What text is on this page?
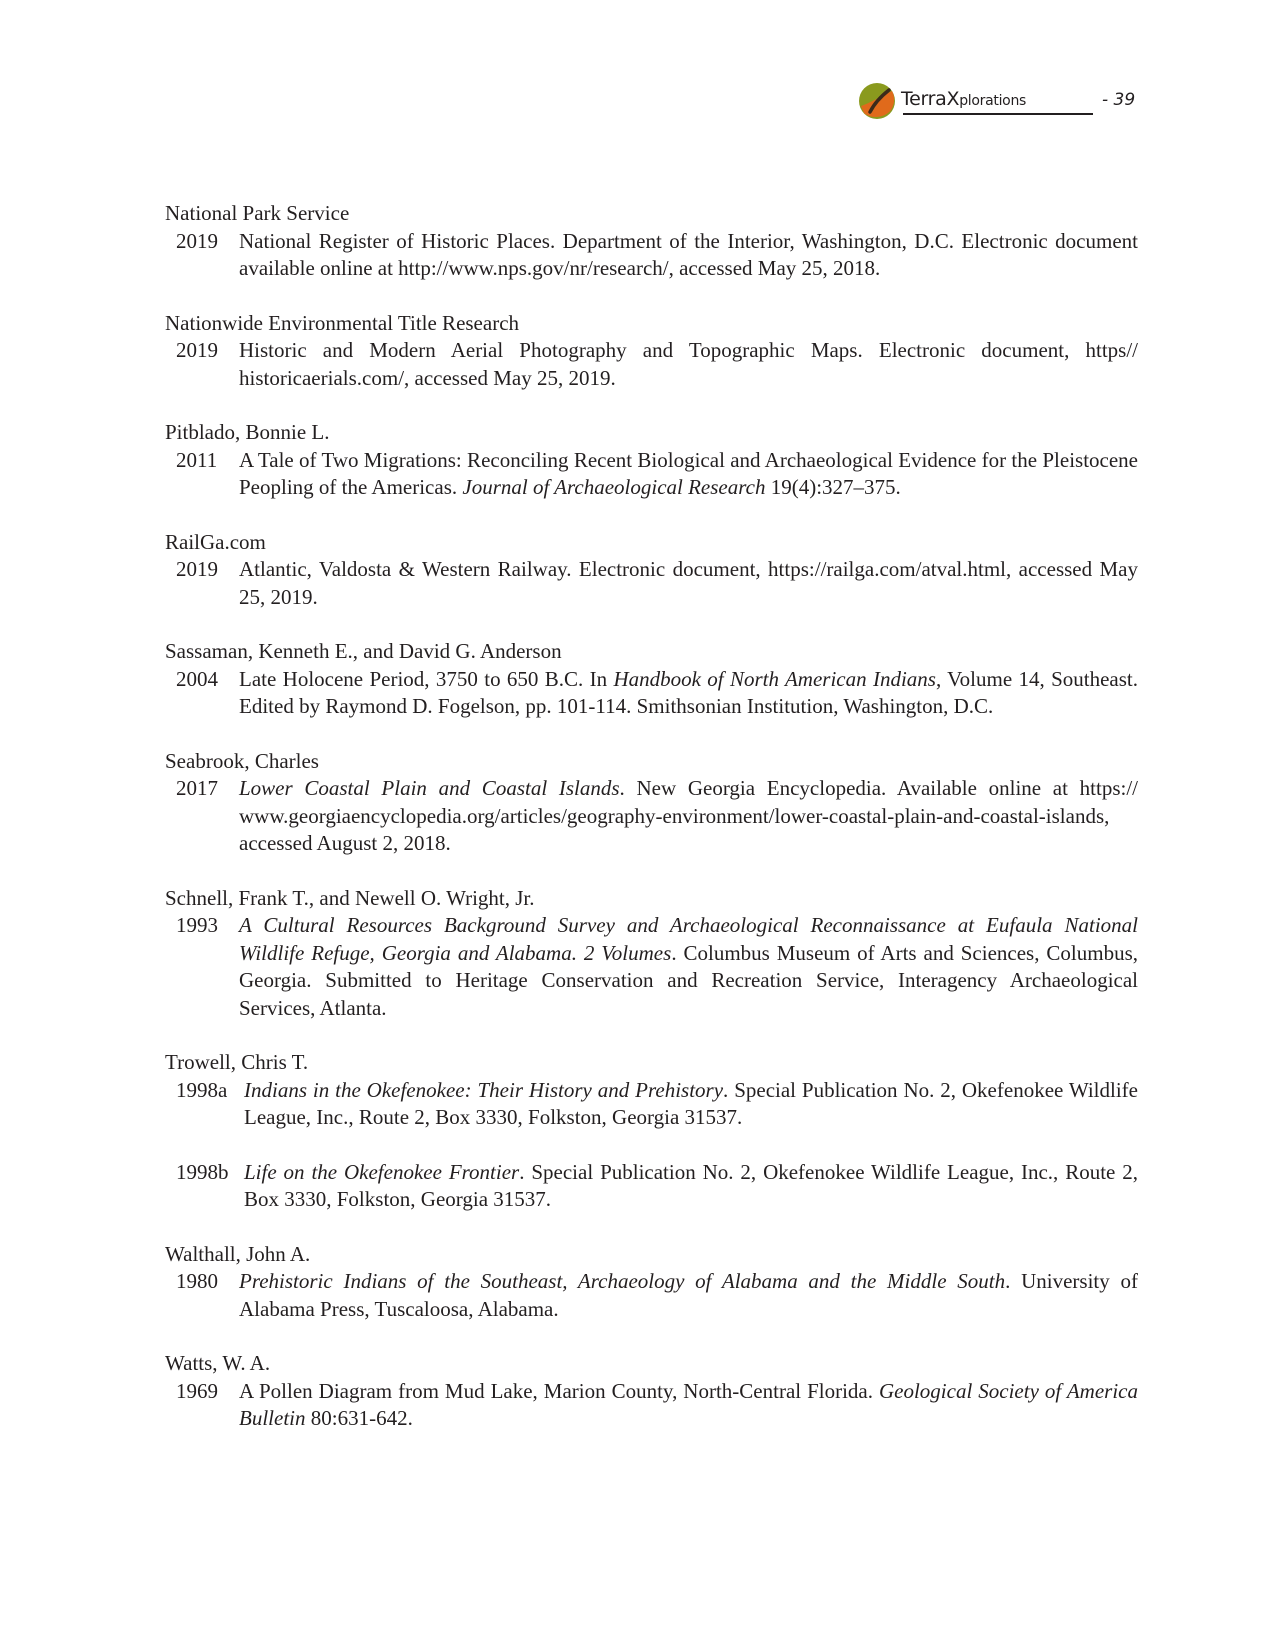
TerraXplorations	- 39

National Park Service

2019	National Register of Historic Places. Department of the Interior, Washington, D.C. Electronic document available online at http://www.nps.gov/nr/research/, accessed May 25, 2018.

Nationwide Environmental Title Research

2019	Historic and Modern Aerial Photography and Topographic Maps. Electronic document, https// historicaerials.com/, accessed May 25, 2019.

Pitblado, Bonnie L.

2011	A Tale of Two Migrations: Reconciling Recent Biological and Archaeological Evidence for the Pleistocene Peopling of the Americas. Journal of Archaeological Research 19(4):327–375.

RailGa.com

2019	Atlantic, Valdosta & Western Railway. Electronic document, https://railga.com/atval.html, accessed May 25, 2019.

Sassaman, Kenneth E., and David G. Anderson

2004	Late Holocene Period, 3750 to 650 B.C. In Handbook of North American Indians, Volume 14, Southeast. Edited by Raymond D. Fogelson, pp. 101-114. Smithsonian Institution, Washington, D.C.

Seabrook, Charles

2017	Lower Coastal Plain and Coastal Islands. New Georgia Encyclopedia. Available online at https:// www.georgiaencyclopedia.org/articles/geography-environment/lower-coastal-plain-and-coastal-islands, accessed August 2, 2018.

Schnell, Frank T., and Newell O. Wright, Jr.

1993	A Cultural Resources Background Survey and Archaeological Reconnaissance at Eufaula National Wildlife Refuge, Georgia and Alabama. 2 Volumes. Columbus Museum of Arts and Sciences, Columbus, Georgia. Submitted to Heritage Conservation and Recreation Service, Interagency Archaeological Services, Atlanta.

Trowell, Chris T.

1998a Indians in the Okefenokee: Their History and Prehistory. Special Publication No. 2, Okefenokee Wildlife League, Inc., Route 2, Box 3330, Folkston, Georgia 31537.
1998b Life on the Okefenokee Frontier. Special Publication No. 2, Okefenokee Wildlife League, Inc., Route 2, Box 3330, Folkston, Georgia 31537.

Walthall, John A.

1980	Prehistoric Indians of the Southeast, Archaeology of Alabama and the Middle South. University of Alabama Press, Tuscaloosa, Alabama.

Watts, W. A.

1969	A Pollen Diagram from Mud Lake, Marion County, North-Central Florida. Geological Society of America Bulletin 80:631-642.
